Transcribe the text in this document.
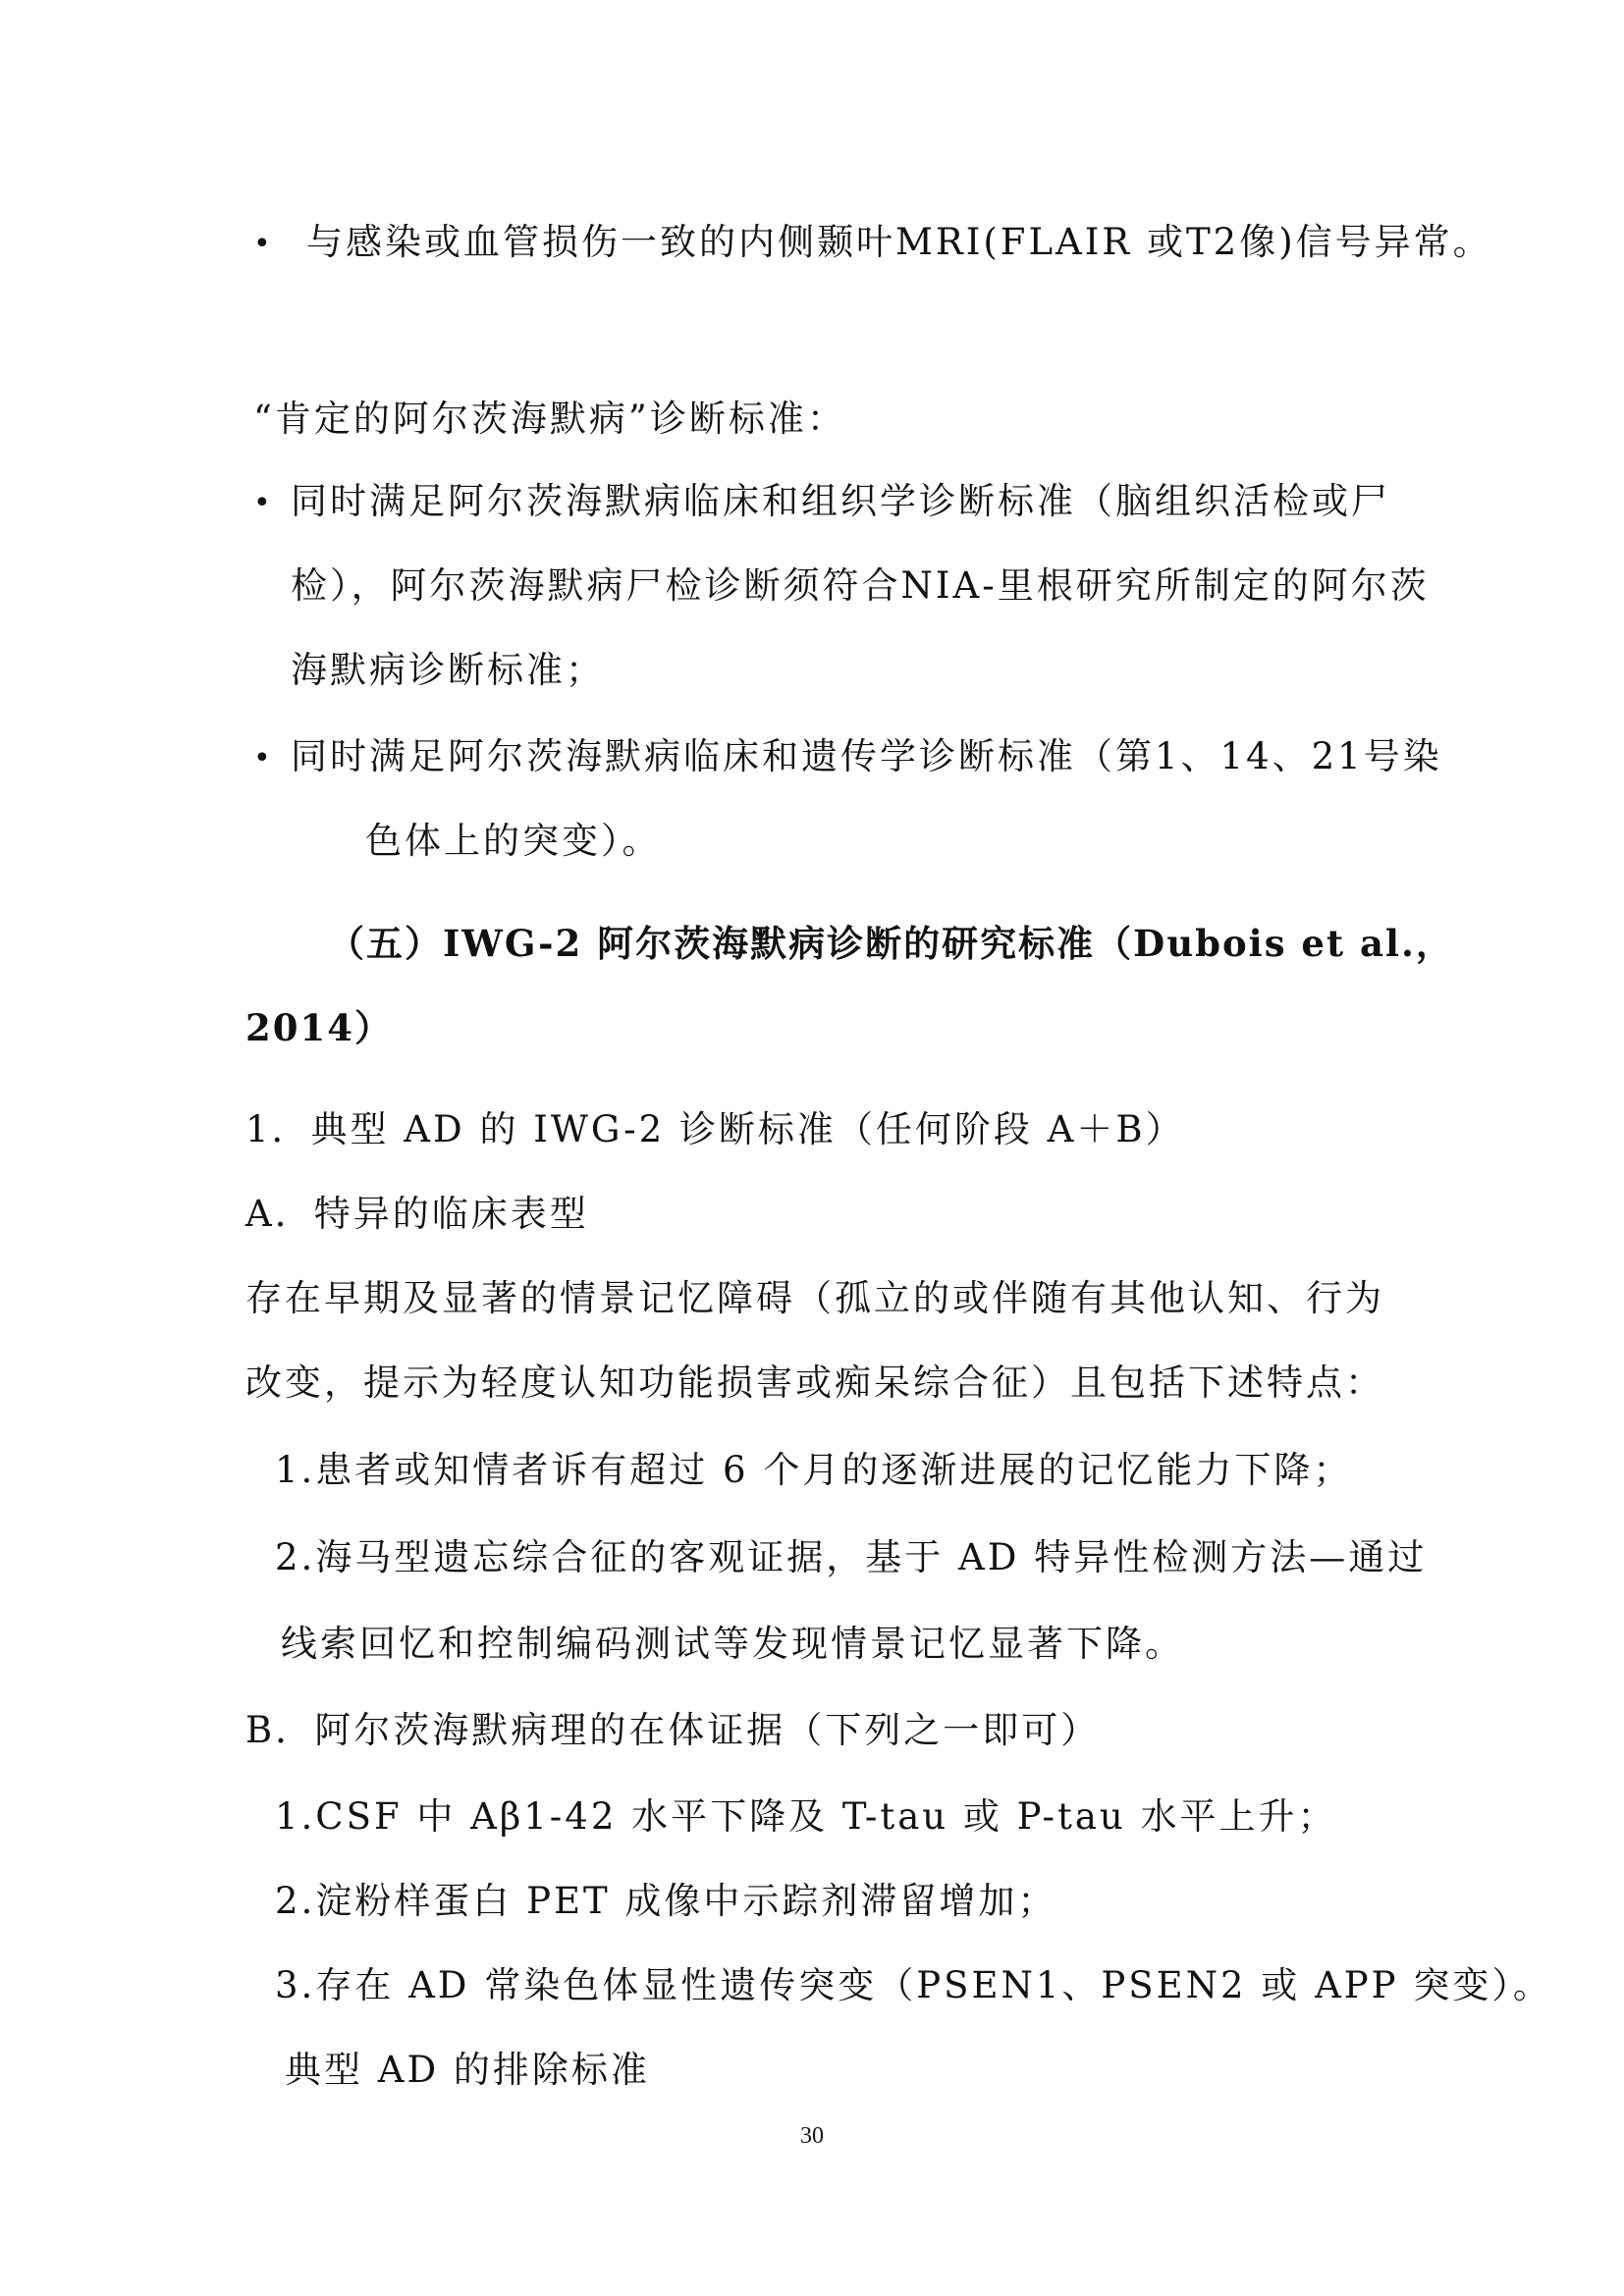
• 与感染或血管损伤一致的内侧颞叶MRI(FLAIR 或T2像)信号异常。
“肯定的阿尔茨海默病”诊断标准：
• 同时满足阿尔茨海默病临床和组织学诊断标准（脑组织活检或尸
检），阿尔茨海默病尸检诊断须符合NIA-里根研究所制定的阿尔茨
海默病诊断标准；
• 同时满足阿尔茨海默病临床和遗传学诊断标准（第1、14、21号染
色体上的突变）。
（五）IWG-2 阿尔茨海默病诊断的研究标准（Dubois et al.，
2014）
1．典型 AD 的 IWG-2 诊断标准（任何阶段 A＋B）
A．特异的临床表型
存在早期及显著的情景记忆障碍（孤立的或伴随有其他认知、行为
改变，提示为轻度认知功能损害或痴呆综合征）且包括下述特点：
1.患者或知情者诉有超过 6 个月的逐渐进展的记忆能力下降；
2.海马型遗忘综合征的客观证据，基于 AD 特异性检测方法—通过
线索回忆和控制编码测试等发现情景记忆显著下降。
B．阿尔茨海默病理的在体证据（下列之一即可）
1.CSF 中 Aβ1-42 水平下降及 T-tau 或 P-tau 水平上升；
2.淀粉样蛋白 PET 成像中示踪剂滞留增加；
3.存在 AD 常染色体显性遗传突变（PSEN1、PSEN2 或 APP 突变）。
典型 AD 的排除标准
30
